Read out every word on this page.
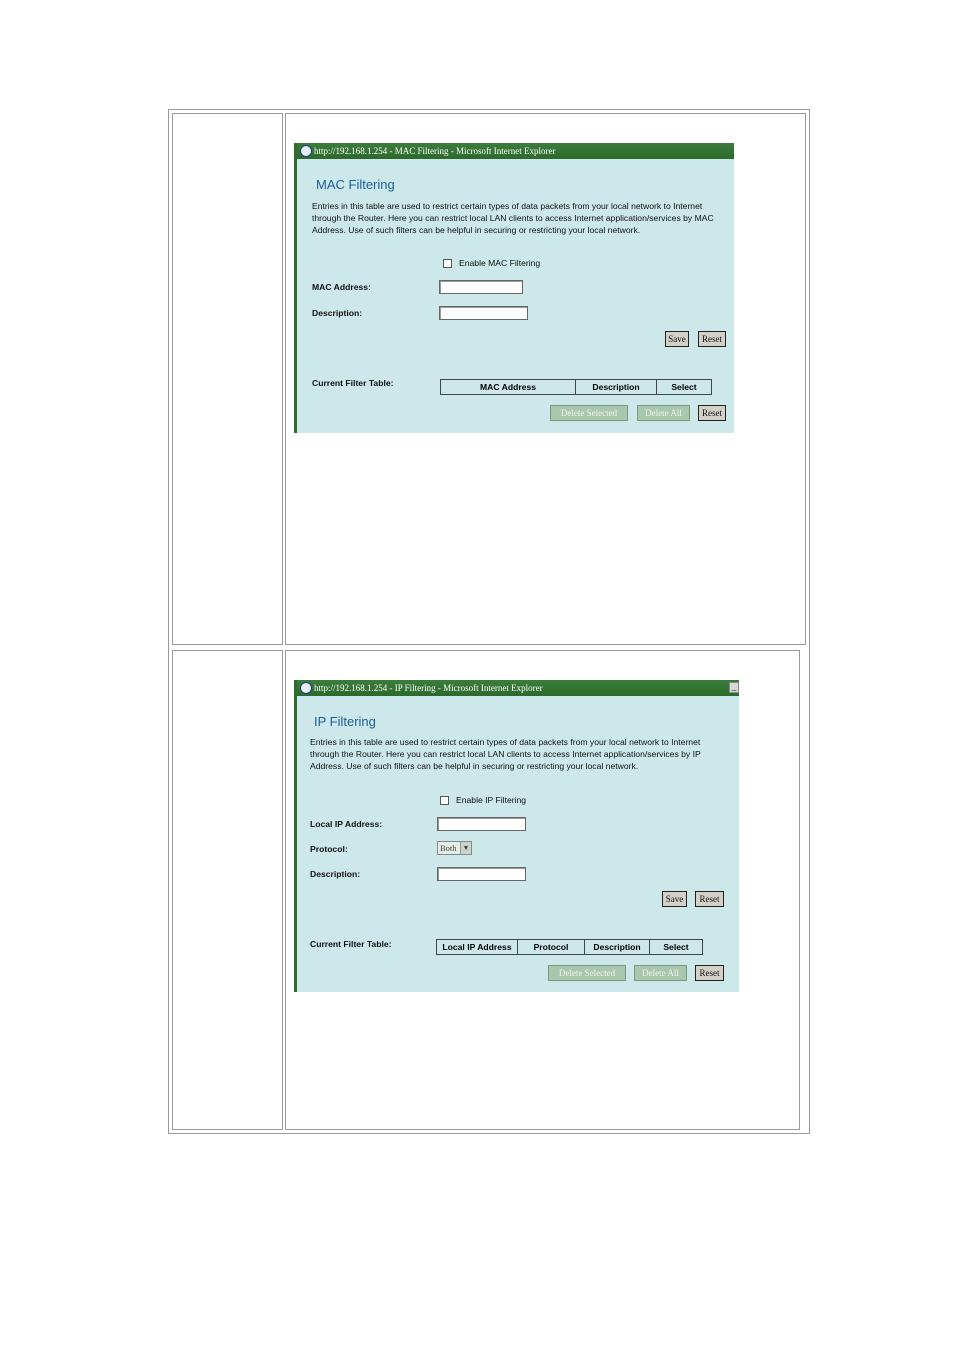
http://192.168.1.254 - MAC Filtering - Microsoft Internet Explorer
MAC Filtering
Entries in this table are used to restrict certain types of data packets from your local network to Internet through the Router. Here you can restrict local LAN clients to access Internet application/services by MAC Address. Use of such filters can be helpful in securing or restricting your local network.
Enable MAC Filtering
MAC Address:
Description:
Save	Reset
Current Filter Table:	MAC Address	Description	Select
Delete Selected	Delete All	Reset
http://192.168.1.254 - IP Filtering - Microsoft Internet Explorer	_
IP Filtering
Entries in this table are used to restrict certain types of data packets from your local network to Internet through the Router. Here you can restrict local LAN clients to access Internet application/services by IP Address. Use of such filters can be helpful in securing or restricting your local network.
Enable IP Filtering
Local IP Address:
Protocol:	Both ▼
Description:
Save	Reset
Current Filter Table:	Local IP Address	Protocol	Description	Select
Delete Selected	Delete All	Reset
